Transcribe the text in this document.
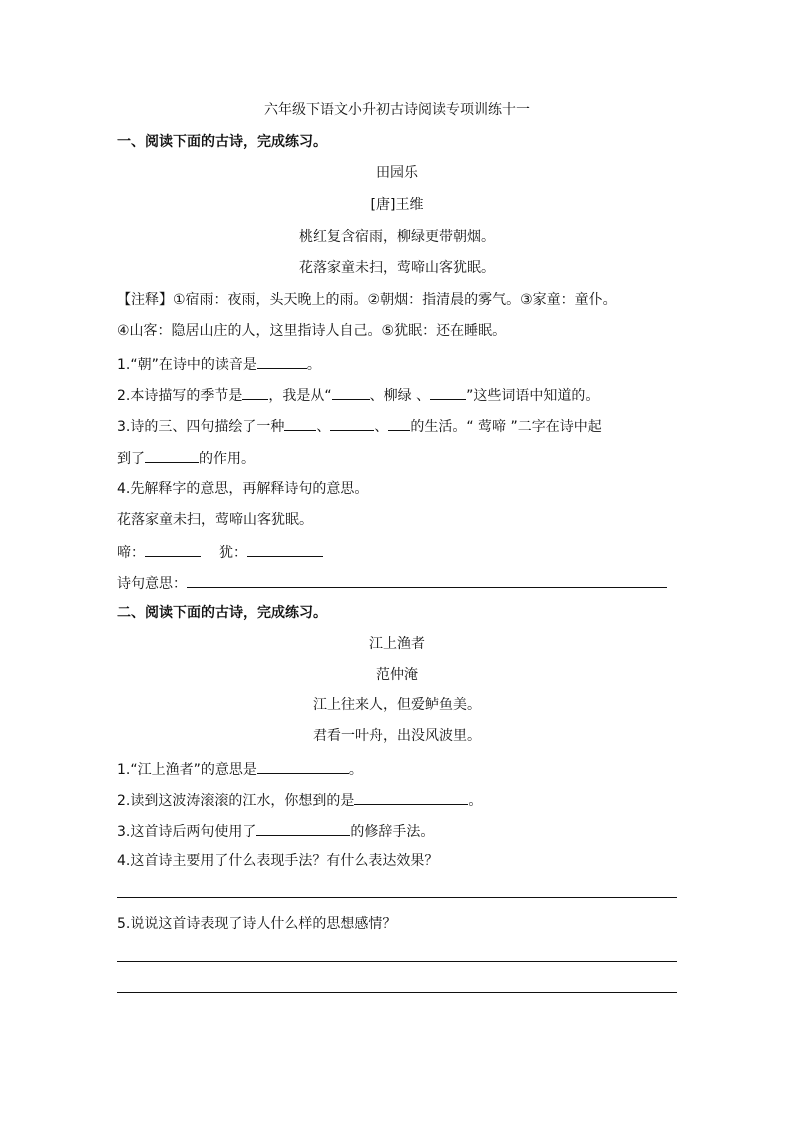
六年级下语文小升初古诗阅读专项训练十一
一、阅读下面的古诗，完成练习。
田园乐
[唐]王维
桃红复含宿雨，柳绿更带朝烟。
花落家童未扫，莺啼山客犹眠。
【注释】①宿雨：夜雨，头天晚上的雨。②朝烟：指清晨的雾气。③家童：童仆。
④山客：隐居山庄的人，这里指诗人自己。⑤犹眠：还在睡眠。
1.“朝”在诗中的读音是	。
2.本诗描写的季节是 ，我是从“	、柳绿 、	”这些词语中知道的。
3.诗的三、四句描绘了一种 、	、 的生活。“ 莺啼 ”二字在诗中起
到了	的作用。
4.先解释字的意思，再解释诗句的意思。
花落家童未扫，莺啼山客犹眠。
啼：	犹：
诗句意思：
二、阅读下面的古诗，完成练习。
江上渔者
范仲淹
江上往来人，但爱鲈鱼美。
君看一叶舟，出没风波里。
1.“江上渔者”的意思是	。
2.读到这波涛滚滚的江水，你想到的是	。
3.这首诗后两句使用了	的修辞手法。
4.这首诗主要用了什么表现手法？有什么表达效果？
5.说说这首诗表现了诗人什么样的思想感情？
